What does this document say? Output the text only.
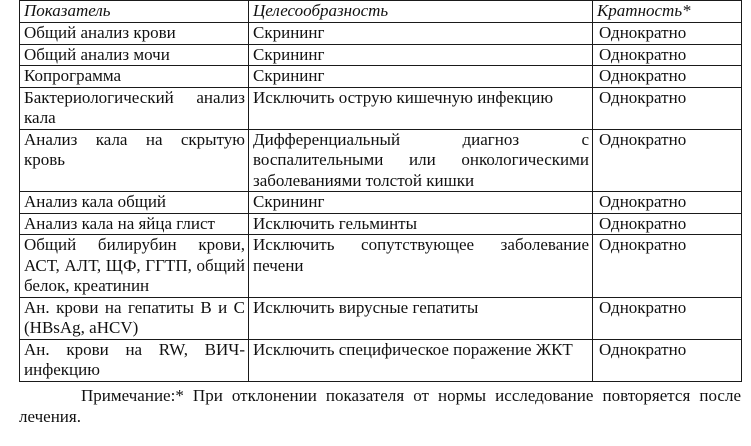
Показатель	Целесообразность	Кратность*
Общий анализ крови	Скрининг	Однократно
Общий анализ мочи	Скрининг	Однократно
Копрограмма	Скрининг	Однократно
Бактериологический анализ кала	Исключить острую кишечную инфекцию	Однократно
Анализ кала на скрытую кровь	Дифференциальный диагноз с воспалительными или онкологическими заболеваниями толстой кишки	Однократно
Анализ кала общий	Скрининг	Однократно
Анализ кала на яйца глист	Исключить гельминты	Однократно
Общий билирубин крови, АСТ, АЛТ, ЩФ, ГГТП, общий белок, креатинин	Исключить сопутствующее заболевание печени	Однократно
Ан. крови на гепатиты В и С (HBsAg, aHCV)	Исключить вирусные гепатиты	Однократно
Ан. крови на RW, ВИЧ-инфекцию	Исключить специфическое поражение ЖКТ	Однократно

Примечание:* При отклонении показателя от нормы исследование повторяется после лечения.
